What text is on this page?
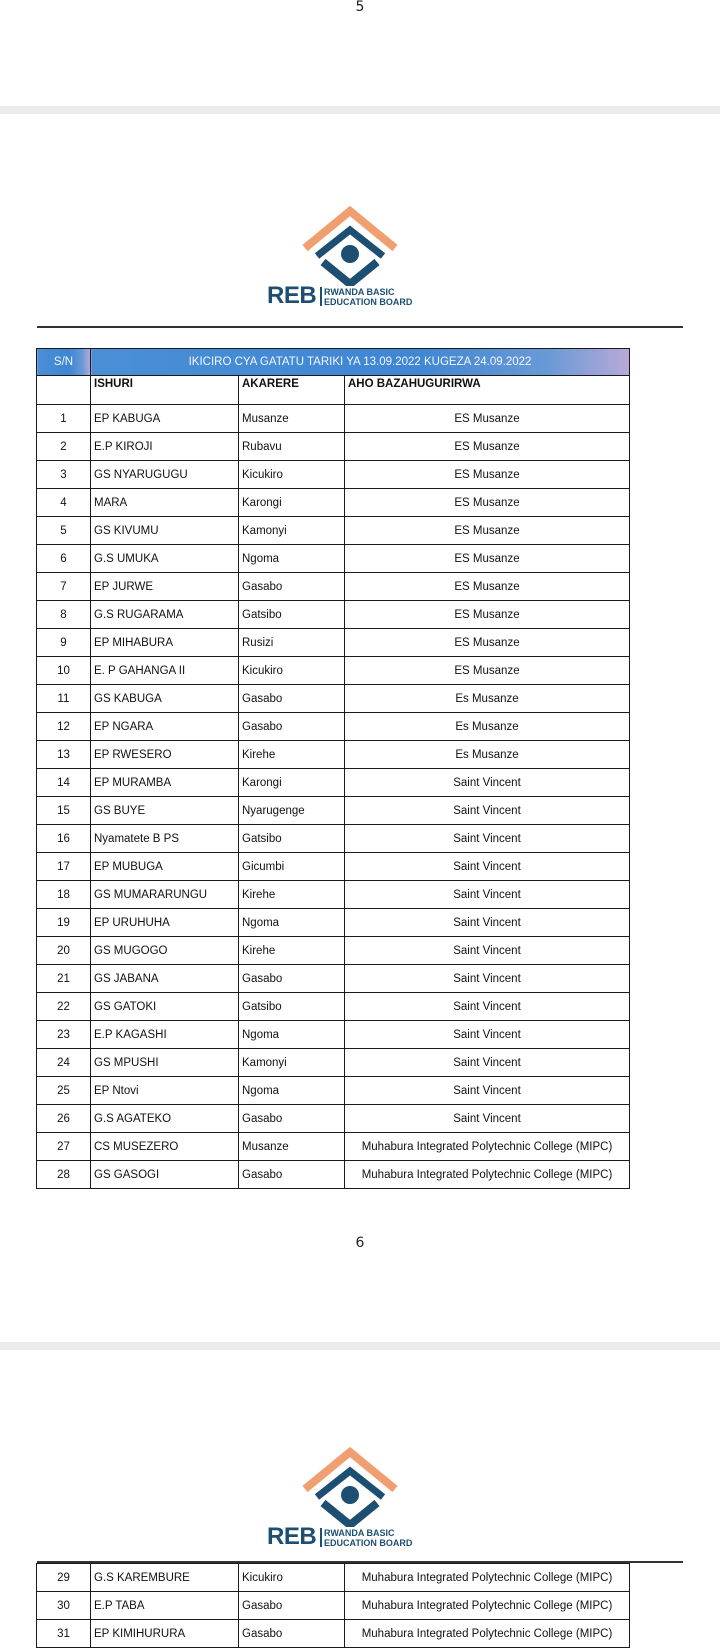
5
REB RWANDA BASIC
EDUCATION BOARD
S/N	IKICIRO CYA GATATU TARIKI YA 13.09.2022 KUGEZA 24.09.2022		
	ISHURI	AKARERE	AHO BAZAHUGURIRWA
1	EP KABUGA	Musanze	ES Musanze
2	E.P KIROJI	Rubavu	ES Musanze
3	GS NYARUGUGU	Kicukiro	ES Musanze
4	MARA	Karongi	ES Musanze
5	GS KIVUMU	Kamonyi	ES Musanze
6	G.S UMUKA	Ngoma	ES Musanze
7	EP JURWE	Gasabo	ES Musanze
8	G.S RUGARAMA	Gatsibo	ES Musanze
9	EP MIHABURA	Rusizi	ES Musanze
10	E. P GAHANGA II	Kicukiro	ES Musanze
11	GS KABUGA	Gasabo	Es Musanze
12	EP NGARA	Gasabo	Es Musanze
13	EP RWESERO	Kirehe	Es Musanze
14	EP MURAMBA	Karongi	Saint Vincent
15	GS BUYE	Nyarugenge	Saint Vincent
16	Nyamatete B PS	Gatsibo	Saint Vincent
17	EP MUBUGA	Gicumbi	Saint Vincent
18	GS MUMARARUNGU	Kirehe	Saint Vincent
19	EP URUHUHA	Ngoma	Saint Vincent
20	GS MUGOGO	Kirehe	Saint Vincent
21	GS JABANA	Gasabo	Saint Vincent
22	GS GATOKI	Gatsibo	Saint Vincent
23	E.P KAGASHI	Ngoma	Saint Vincent
24	GS MPUSHI	Kamonyi	Saint Vincent
25	EP Ntovi	Ngoma	Saint Vincent
26	G.S AGATEKO	Gasabo	Saint Vincent
27	CS MUSEZERO	Musanze	Muhabura Integrated Polytechnic College (MIPC)
28	GS GASOGI	Gasabo	Muhabura Integrated Polytechnic College (MIPC)
6
REB RWANDA BASIC
EDUCATION BOARD
29	G.S KAREMBURE	Kicukiro	Muhabura Integrated Polytechnic College (MIPC)
30	E.P TABA	Gasabo	Muhabura Integrated Polytechnic College (MIPC)
31	EP KIMIHURURA	Gasabo	Muhabura Integrated Polytechnic College (MIPC)
